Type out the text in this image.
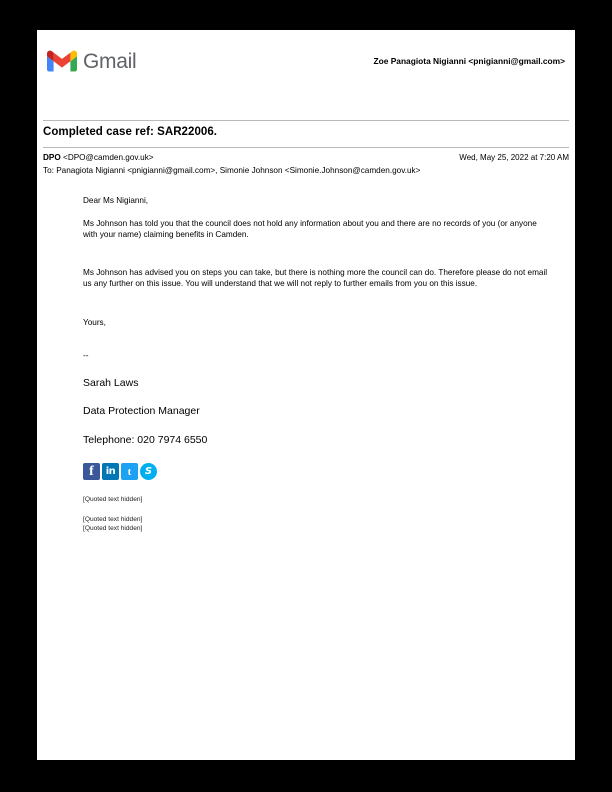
Gmail	Zoe Panagiota Nigianni <pnigianni@gmail.com>
Completed case ref: SAR22006.
DPO <DPO@camden.gov.uk>	Wed, May 25, 2022 at 7:20 AM
To: Panagiota Nigianni <pnigianni@gmail.com>, Simonie Johnson <Simonie.Johnson@camden.gov.uk>

Dear Ms Nigianni,

Ms Johnson has told you that the council does not hold any information about you and there are no records of you (or anyone with your name) claiming benefits in Camden.

Ms Johnson has advised you on steps you can take, but there is nothing more the council can do. Therefore please do not email us any further on this issue. You will understand that we will not reply to further emails from you on this issue.

Yours,

--

Sarah Laws

Data Protection Manager

Telephone: 020 7974 6550

f in t S

[Quoted text hidden]

[Quoted text hidden]

[Quoted text hidden]
